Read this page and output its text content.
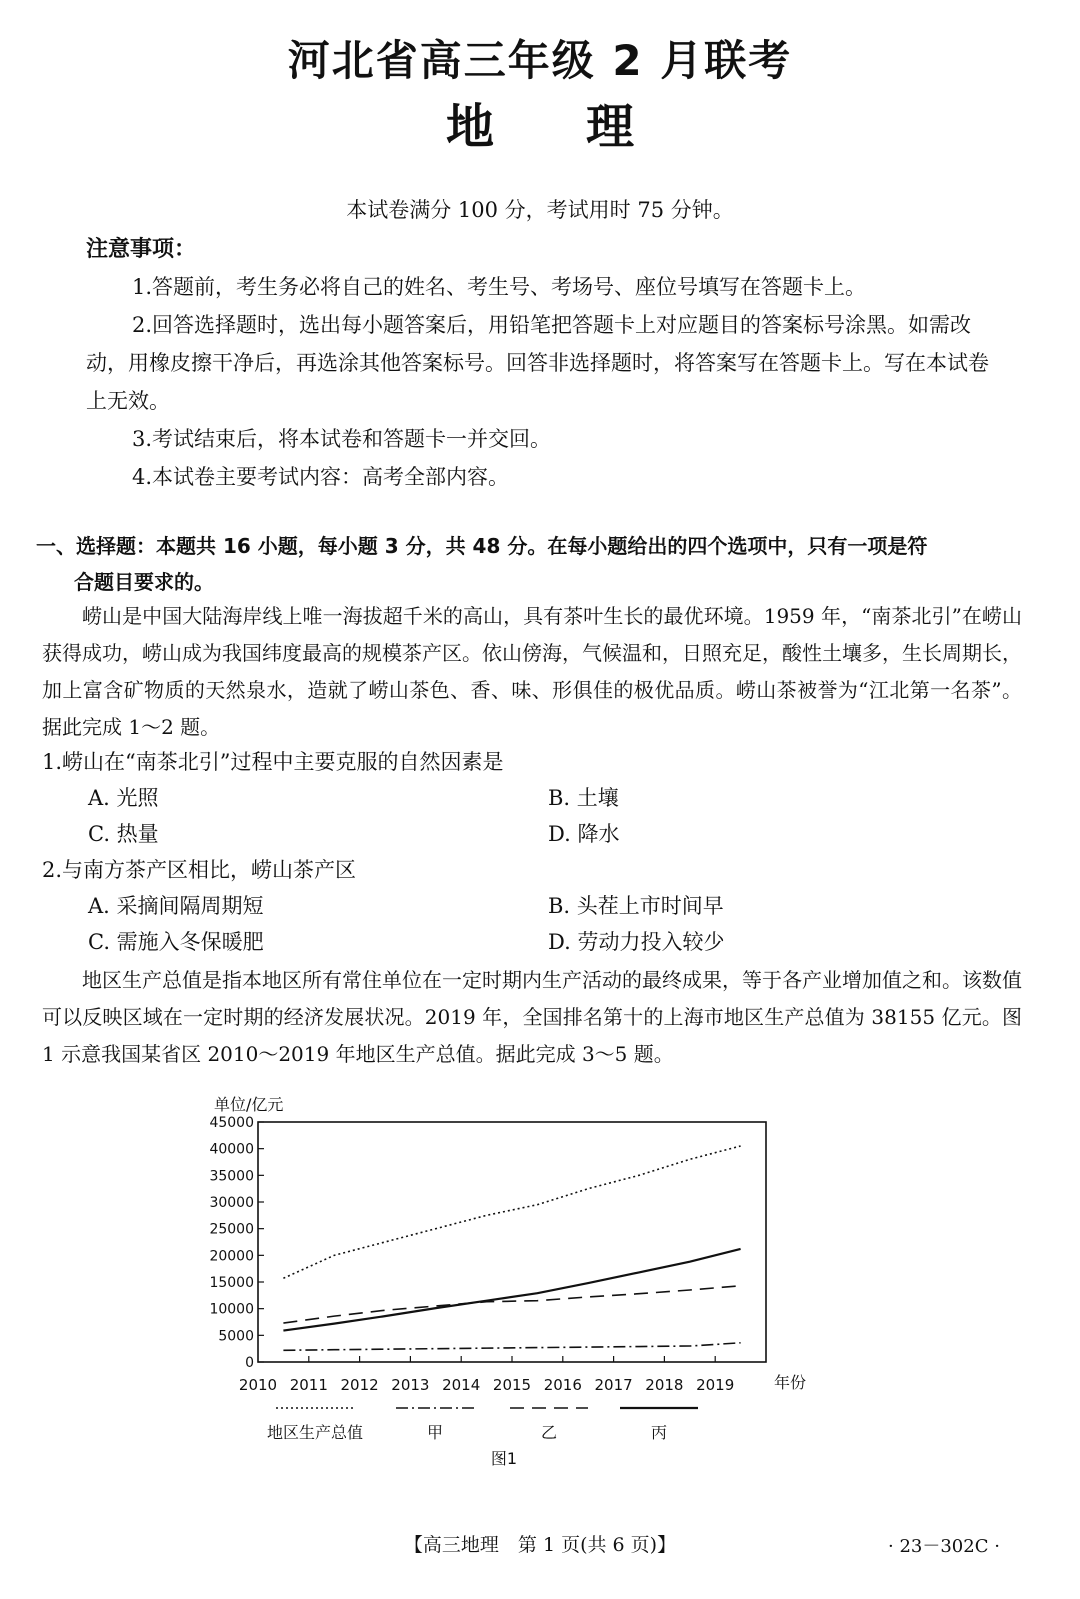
河北省高三年级 2 月联考
地 理
本试卷满分 100 分，考试用时 75 分钟。
注意事项：

1.答题前，考生务必将自己的姓名、考生号、考场号、座位号填写在答题卡上。

2.回答选择题时，选出每小题答案后，用铅笔把答题卡上对应题目的答案标号涂黑。如需改动，用橡皮擦干净后，再选涂其他答案标号。回答非选择题时，将答案写在答题卡上。写在本试卷上无效。

3.考试结束后，将本试卷和答题卡一并交回。

4.本试卷主要考试内容：高考全部内容。

一、选择题：本题共 16 小题，每小题 3 分，共 48 分。在每小题给出的四个选项中，只有一项是符
合题目要求的。

崂山是中国大陆海岸线上唯一海拔超千米的高山，具有茶叶生长的最优环境。1959 年，“南茶北引”在崂山获得成功，崂山成为我国纬度最高的规模茶产区。依山傍海，气候温和，日照充足，酸性土壤多，生长周期长，加上富含矿物质的天然泉水，造就了崂山茶色、香、味、形俱佳的极优品质。崂山茶被誉为“江北第一名茶”。据此完成 1～2 题。

1.崂山在“南茶北引”过程中主要克服的自然因素是
A. 光照	B. 土壤
C. 热量	D. 降水
2.与南方茶产区相比，崂山茶产区
A. 采摘间隔周期短	B. 头茬上市时间早
C. 需施入冬保暖肥	D. 劳动力投入较少

地区生产总值是指本地区所有常住单位在一定时期内生产活动的最终成果，等于各产业增加值之和。该数值可以反映区域在一定时期的经济发展状况。2019 年，全国排名第十的上海市地区生产总值为 38155 亿元。图 1 示意我国某省区 2010～2019 年地区生产总值。据此完成 3～5 题。

单位/亿元
0
5000
10000
15000
20000
25000
30000
35000
40000
45000
2010 2011 2012 2013 2014 2015 2016 2017 2018 2019 年份
地区生产总值	甲	乙	丙
图1
【高三地理　第 1 页(共 6 页)】	· 23－302C ·
